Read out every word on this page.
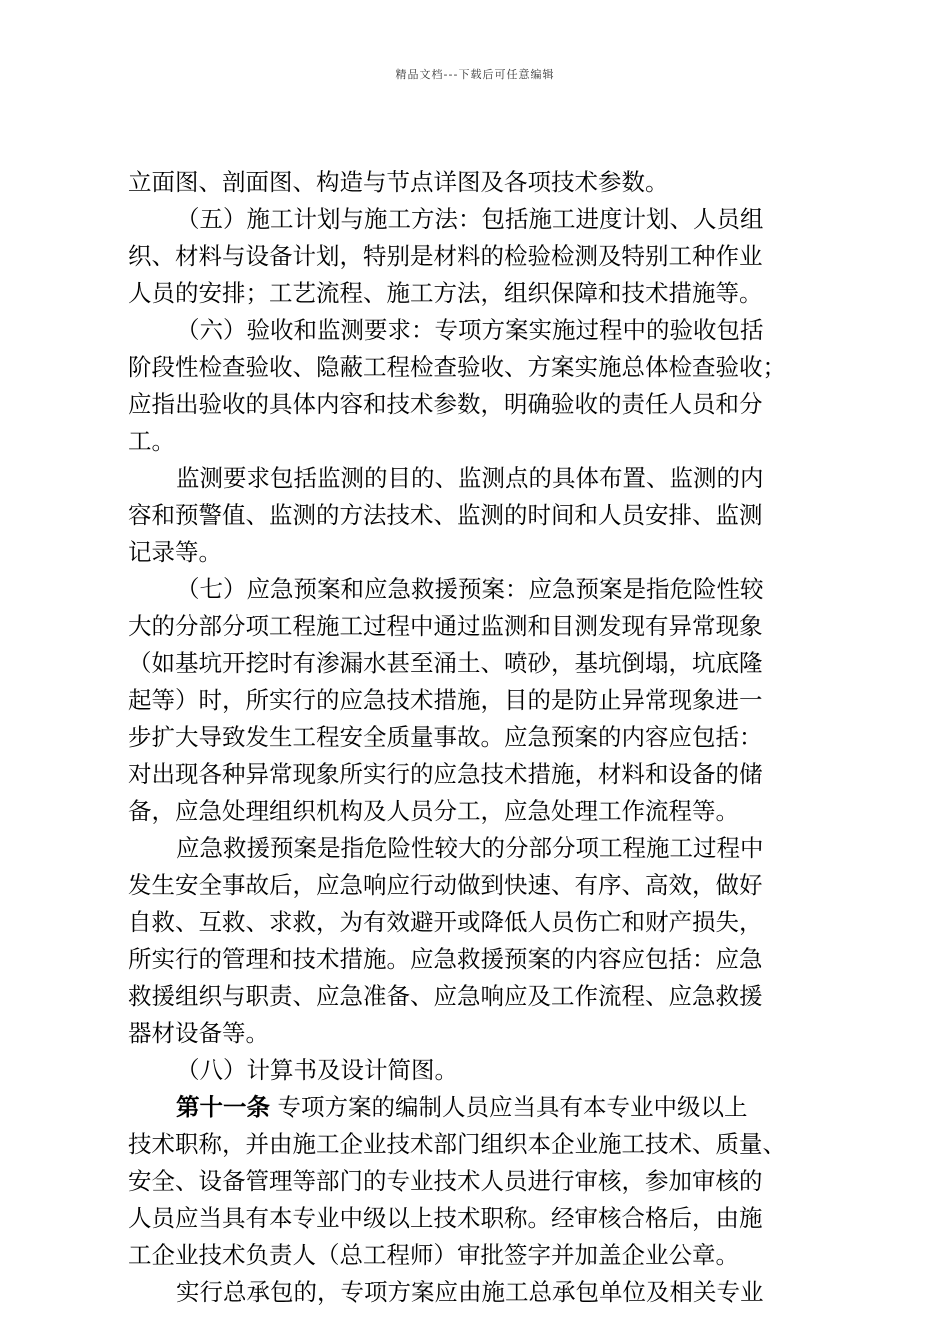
精品文档---下载后可任意编辑
立面图、剖面图、构造与节点详图及各项技术参数。
（五）施工计划与施工方法：包括施工进度计划、人员组
织、材料与设备计划，特别是材料的检验检测及特别工种作业
人员的安排；工艺流程、施工方法，组织保障和技术措施等。
（六）验收和监测要求：专项方案实施过程中的验收包括
阶段性检查验收、隐蔽工程检查验收、方案实施总体检查验收；
应指出验收的具体内容和技术参数，明确验收的责任人员和分
工。
监测要求包括监测的目的、监测点的具体布置、监测的内
容和预警值、监测的方法技术、监测的时间和人员安排、监测
记录等。
（七）应急预案和应急救援预案：应急预案是指危险性较
大的分部分项工程施工过程中通过监测和目测发现有异常现象
（如基坑开挖时有渗漏水甚至涌土、喷砂，基坑倒塌，坑底隆
起等）时，所实行的应急技术措施，目的是防止异常现象进一
步扩大导致发生工程安全质量事故。应急预案的内容应包括：
对出现各种异常现象所实行的应急技术措施，材料和设备的储
备，应急处理组织机构及人员分工，应急处理工作流程等。
应急救援预案是指危险性较大的分部分项工程施工过程中
发生安全事故后，应急响应行动做到快速、有序、高效，做好
自救、互救、求救，为有效避开或降低人员伤亡和财产损失，
所实行的管理和技术措施。应急救援预案的内容应包括：应急
救援组织与职责、应急准备、应急响应及工作流程、应急救援
器材设备等。
（八）计算书及设计简图。
第十一条 专项方案的编制人员应当具有本专业中级以上
技术职称，并由施工企业技术部门组织本企业施工技术、质量、
安全、设备管理等部门的专业技术人员进行审核，参加审核的
人员应当具有本专业中级以上技术职称。经审核合格后，由施
工企业技术负责人（总工程师）审批签字并加盖企业公章。
实行总承包的，专项方案应由施工总承包单位及相关专业
